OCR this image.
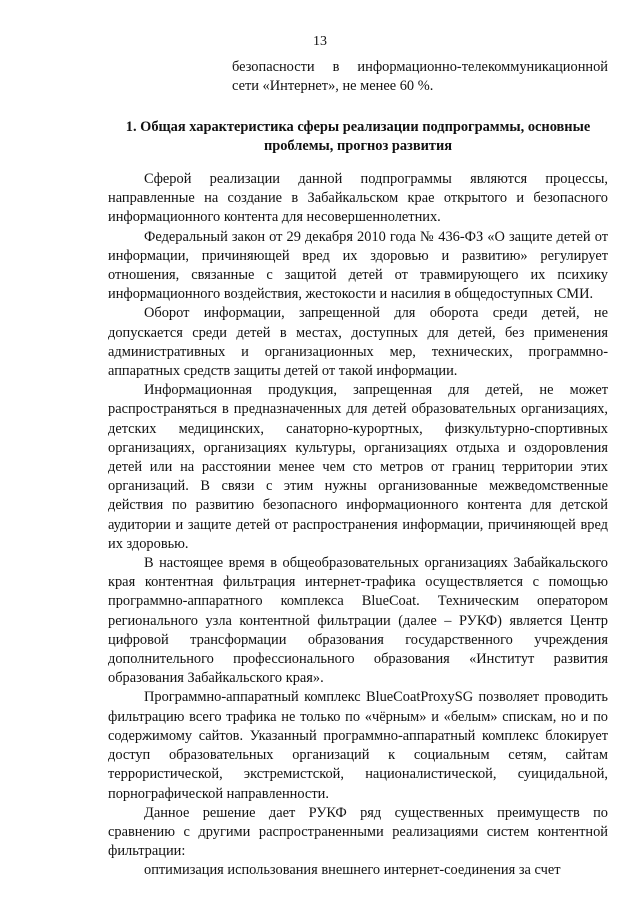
13
безопасности в информационно-телекоммуникационной сети «Интернет», не менее 60 %.
1. Общая характеристика сферы реализации подпрограммы, основные проблемы, прогноз развития

Сферой реализации данной подпрограммы являются процессы, направленные на создание в Забайкальском крае открытого и безопасного информационного контента для несовершеннолетних.

Федеральный закон от 29 декабря 2010 года № 436-ФЗ «О защите детей от информации, причиняющей вред их здоровью и развитию» регулирует отношения, связанные с защитой детей от травмирующего их психику информационного воздействия, жестокости и насилия в общедоступных СМИ.

Оборот информации, запрещенной для оборота среди детей, не допускается среди детей в местах, доступных для детей, без применения административных и организационных мер, технических, программно-аппаратных средств защиты детей от такой информации.

Информационная продукция, запрещенная для детей, не может распространяться в предназначенных для детей образовательных организациях, детских медицинских, санаторно-курортных, физкультурно-спортивных организациях, организациях культуры, организациях отдыха и оздоровления детей или на расстоянии менее чем сто метров от границ территории этих организаций. В связи с этим нужны организованные межведомственные действия по развитию безопасного информационного контента для детской аудитории и защите детей от распространения информации, причиняющей вред их здоровью.

В настоящее время в общеобразовательных организациях Забайкальского края контентная фильтрация интернет-трафика осуществляется с помощью программно-аппаратного комплекса BlueCoat. Техническим оператором регионального узла контентной фильтрации (далее – РУКФ) является Центр цифровой трансформации образования государственного учреждения дополнительного профессионального образования «Институт развития образования Забайкальского края».

Программно-аппаратный комплекс BlueCoatProxySG позволяет проводить фильтрацию всего трафика не только по «чёрным» и «белым» спискам, но и по содержимому сайтов. Указанный программно-аппаратный комплекс блокирует доступ образовательных организаций к социальным сетям, сайтам террористической, экстремистской, националистической, суицидальной, порнографической направленности.

Данное решение дает РУКФ ряд существенных преимуществ по сравнению с другими распространенными реализациями систем контентной фильтрации:

оптимизация использования внешнего интернет-соединения за счет
